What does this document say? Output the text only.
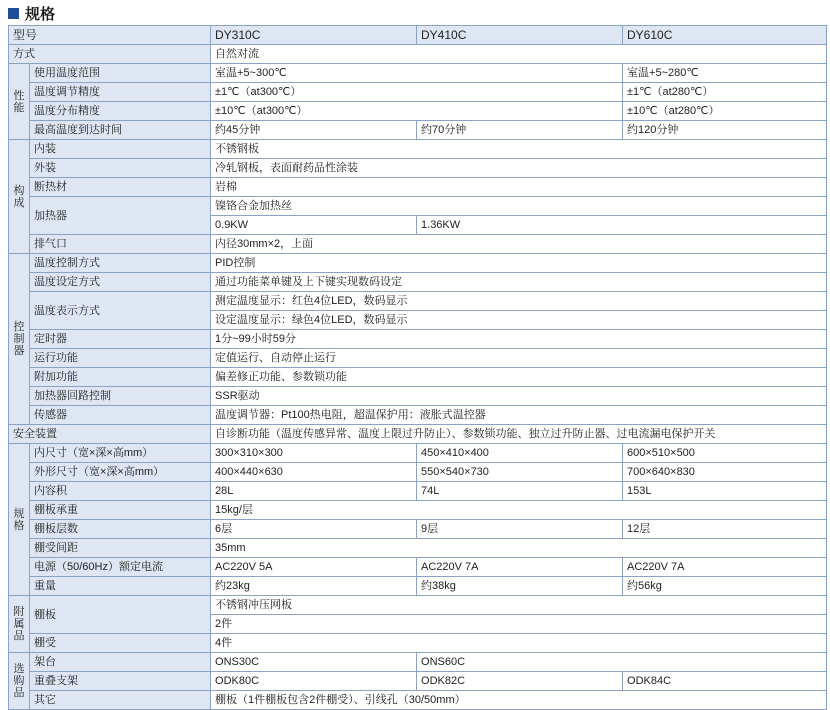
规格
型号		DY310C	DY410C	DY610C
方式		自然对流		
性能	使用温度范围	室温+5~300℃		室温+5~280℃
	温度调节精度	±1℃（at300℃）		±1℃（at280℃）
	温度分布精度	±10℃（at300℃）		±10℃（at280℃）
	最高温度到达时间	约45分钟	约70分钟	约120分钟
构成	内装	不锈钢板		
	外装	冷轧钢板，表面耐药品性涂装		
	断热材	岩棉		
	加热器	镍铬合金加热丝		
		0.9KW	1.36KW	
	排气口	内径30mm×2，上面		
控制器	温度控制方式	PID控制		
	温度设定方式	通过功能菜单键及上下键实现数码设定		
	温度表示方式	测定温度显示：红色4位LED，数码显示		
		设定温度显示：绿色4位LED，数码显示		
	定时器	1分~99小时59分		
	运行功能	定值运行、自动停止运行		
	附加功能	偏差修正功能、参数锁功能		
	加热器回路控制	SSR驱动		
	传感器	温度调节器：Pt100热电阻，超温保护用：液胀式温控器		
安全装置		自诊断功能（温度传感异常、温度上限过升防止）、参数锁功能、独立过升防止器、过电流漏电保护开关		
规格	内尺寸（宽×深×高mm）	300×310×300	450×410×400	600×510×500
	外形尺寸（宽×深×高mm）	400×440×630	550×540×730	700×640×830
	内容积	28L	74L	153L
	棚板承重	15kg/层		
	棚板层数	6层	9层	12层
	棚受间距	35mm		
	电源（50/60Hz）额定电流	AC220V 5A	AC220V 7A	AC220V 7A
	重量	约23kg	约38kg	约56kg
附属品	棚板	不锈钢冲压网板		
		2件		
	棚受	4件		
选购品	架台	ONS30C	ONS60C	
	重叠支架	ODK80C	ODK82C	ODK84C
	其它	棚板（1件棚板包含2件棚受）、引线孔（30/50mm）		
